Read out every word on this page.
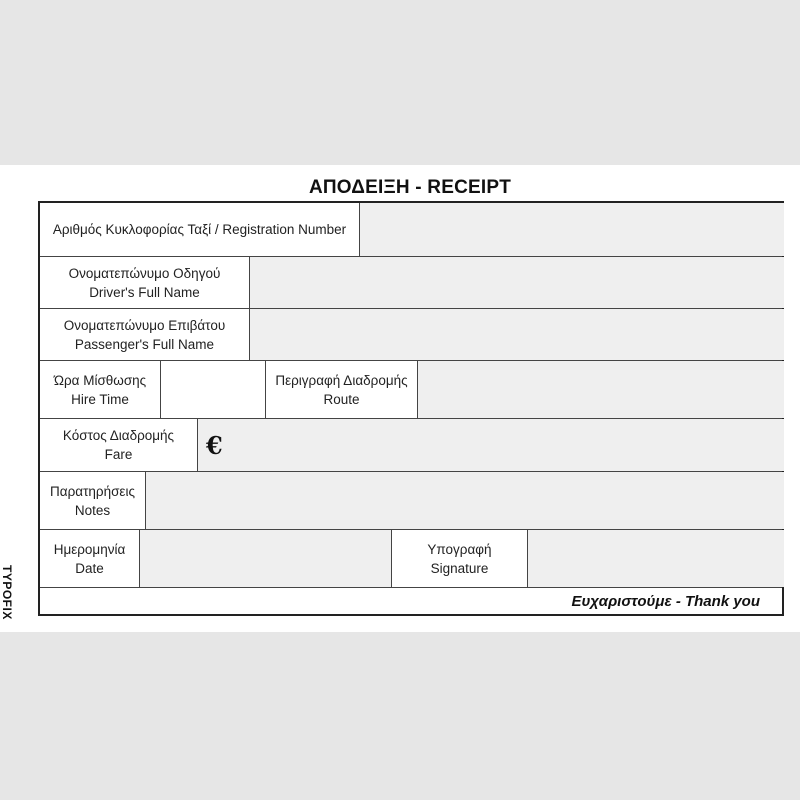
ΑΠΟΔΕΙΞΗ - RECEIPT
TYPOFIX
Αριθμός Κυκλοφορίας Ταξί / Registration Number
Ονοματεπώνυμο Οδηγού
Driver's Full Name
Ονοματεπώνυμο Επιβάτου
Passenger's Full Name
Ώρα Μίσθωσης
Hire Time
Περιγραφή Διαδρομής
Route
Κόστος Διαδρομής
Fare	€
Παρατηρήσεις
Notes
Ημερομηνία
Date
Υπογραφή
Signature
Ευχαριστούμε - Thank you
